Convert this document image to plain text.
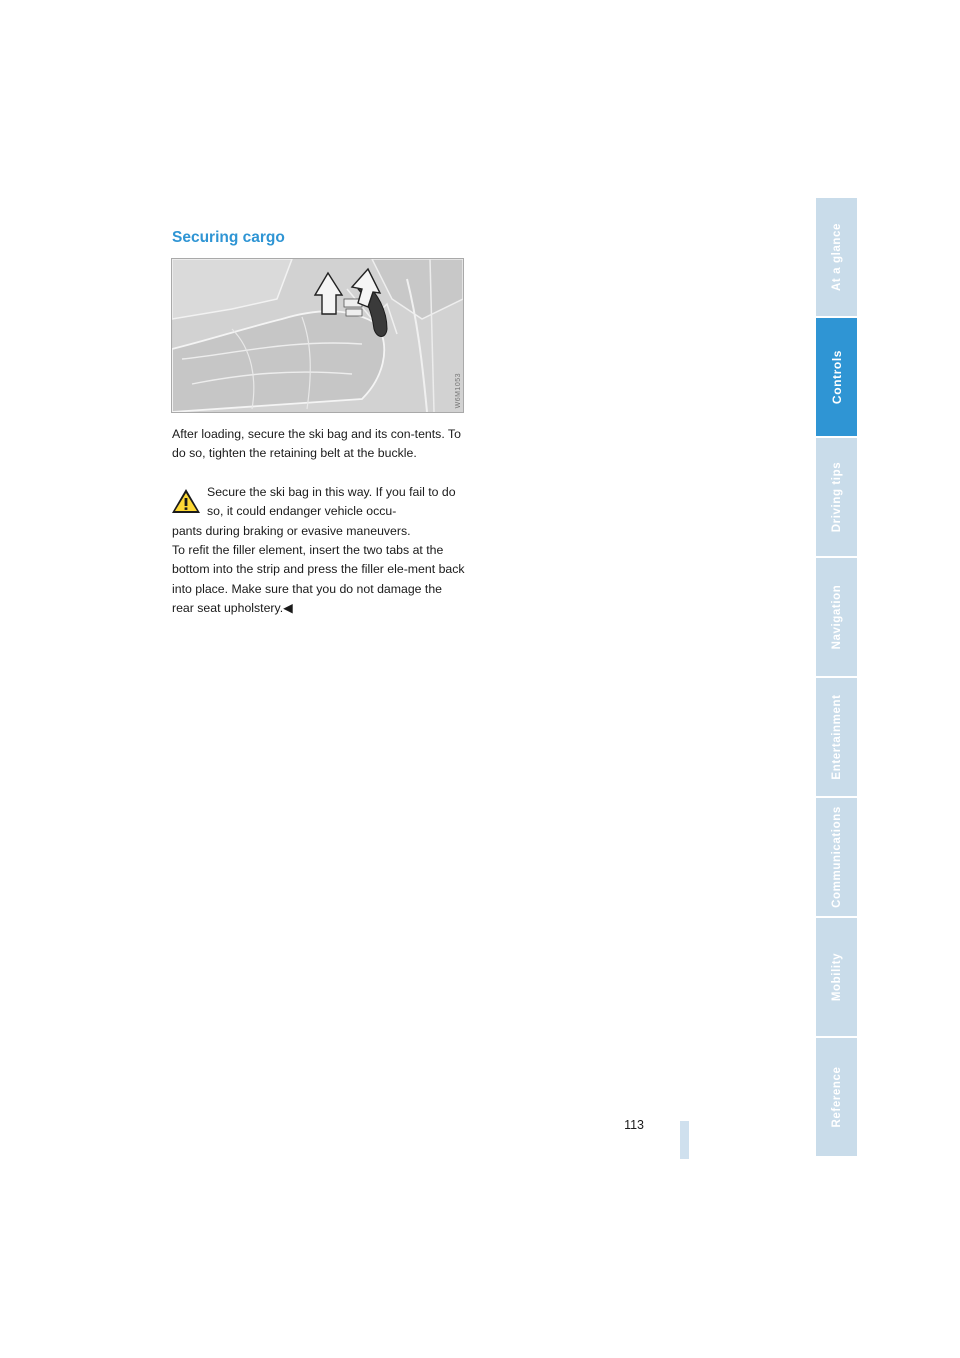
Securing cargo
W6M1053
After loading, secure the ski bag and its con-tents. To do so, tighten the retaining belt at the buckle.
Secure the ski bag in this way. If you fail to do so, it could endanger vehicle occu-
pants during braking or evasive maneuvers.
To refit the filler element, insert the two tabs at the bottom into the strip and press the filler ele-ment back into place. Make sure that you do not damage the rear seat upholstery.◀
113
At a glance
Controls
Driving tips
Navigation
Entertainment
Communications
Mobility
Reference
